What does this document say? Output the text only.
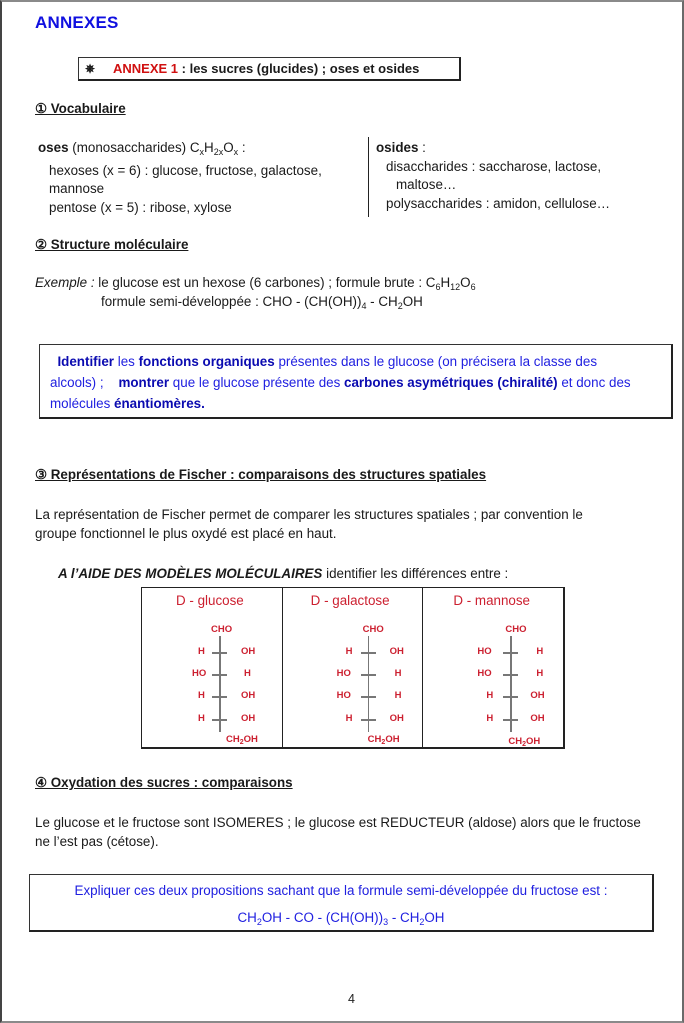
ANNEXES
✵ ANNEXE 1 : les sucres (glucides) ; oses et osides
① Vocabulaire
oses (monosaccharides) $C_xH_{2x}O_x$ :
hexoses (x = 6) : glucose, fructose, galactose,
mannose
pentose (x = 5) : ribose, xylose
osides :
disaccharides : saccharose, lactose,
maltose…
polysaccharides : amidon, cellulose…
② Structure moléculaire
Exemple : le glucose est un hexose (6 carbones) ; formule brute : $C_6H_{12}O_6$
formule semi-développée : CHO - $(CH(OH))_4 - CH_2OH$

Identifier les fonctions organiques présentes dans le glucose (on précisera la classe des

alcools) ;    montrer que le glucose présente des carbones asymétriques (chiralité) et donc des

molécules énantiomères.

③ Représentations de Fischer : comparaisons des structures spatiales
La représentation de Fischer permet de comparer les structures spatiales ; par convention le
groupe fonctionnel le plus oxydé est placé en haut.
A l’AIDE DES MODÈLES MOLÉCULAIRES identifier les différences entre :
D - glucose
CHO
H	OH
HO	H
H	OH
H	OH
$CH_2OH$
D - galactose
CHO
H	OH
HO	H
HO	H
H	OH
$CH_2OH$
D - mannose
CHO
HO	H
HO	H
H	OH
H	OH
$CH_2OH$
④ Oxydation des sucres : comparaisons
Le glucose et le fructose sont ISOMERES ; le glucose est REDUCTEUR (aldose) alors que le fructose
ne l’est pas (cétose).
Expliquer ces deux propositions sachant que la formule semi-développée du fructose est :
$CH_2OH$ - CO - $(CH(OH))_3 - CH_2OH$
4
